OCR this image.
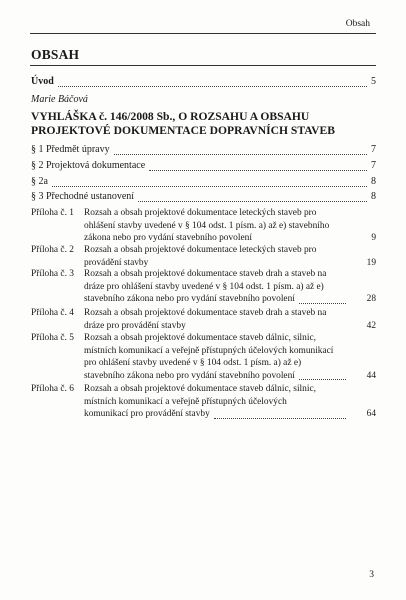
Obsah
OBSAH
Úvod	5
Marie Báčová
VYHLÁŠKA č. 146/2008 Sb., O ROZSAHU A OBSAHU
PROJEKTOVÉ DOKUMENTACE DOPRAVNÍCH STAVEB
§ 1 Předmět úpravy	7
§ 2 Projektová dokumentace	7
§ 2a	8
§ 3 Přechodné ustanovení	8
Příloha č. 1 Rozsah a obsah projektové dokumentace leteckých staveb pro
ohlášení stavby uvedené v § 104 odst. 1 písm. a) až e) stavebního
zákona nebo pro vydání stavebního povolení	9
Příloha č. 2 Rozsah a obsah projektové dokumentace leteckých staveb pro
provádění stavby	19
Příloha č. 3 Rozsah a obsah projektové dokumentace staveb drah a staveb na
dráze pro ohlášení stavby uvedené v § 104 odst. 1 písm. a) až e)
stavebního zákona nebo pro vydání stavebního povolení	28
Příloha č. 4 Rozsah a obsah projektové dokumentace staveb drah a staveb na
dráze pro provádění stavby	42
Příloha č. 5 Rozsah a obsah projektové dokumentace staveb dálnic, silnic,
místních komunikací a veřejně přístupných účelových komunikací
pro ohlášení stavby uvedené v § 104 odst. 1 písm. a) až e)
stavebního zákona nebo pro vydání stavebního povolení	44
Příloha č. 6 Rozsah a obsah projektové dokumentace staveb dálnic, silnic,
místních komunikací a veřejně přístupných účelových
komunikací pro provádění stavby	64
3
